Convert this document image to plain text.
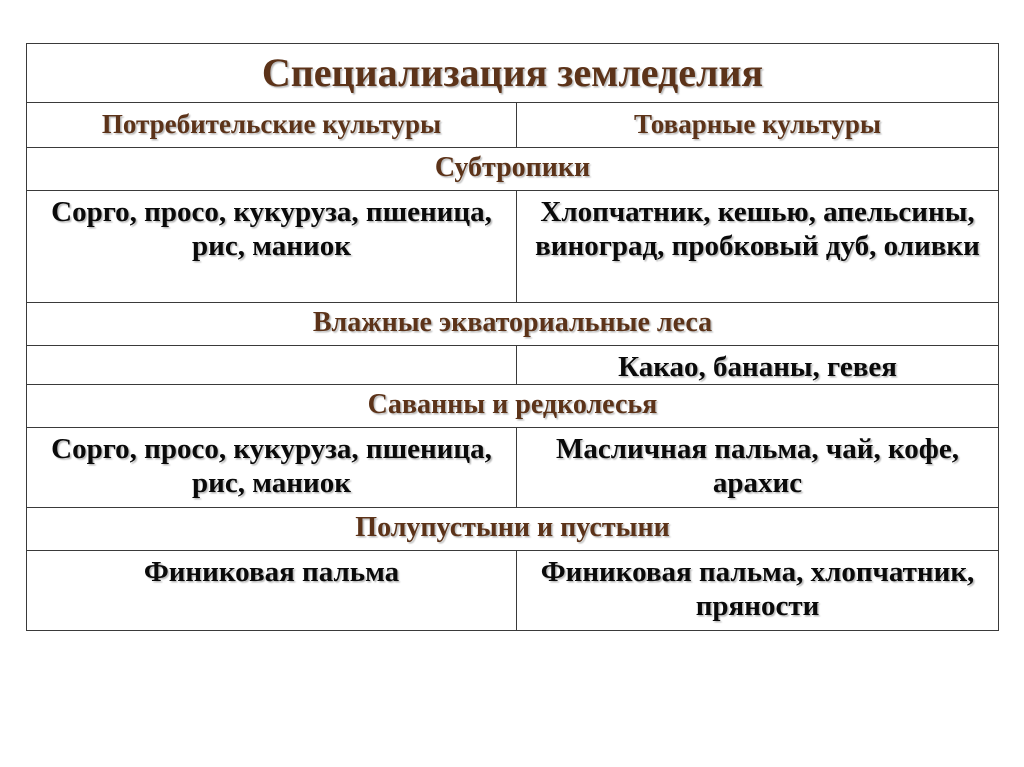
Специализация земледелия	
Потребительские культуры	Товарные культуры
Субтропики	
Сорго, просо, кукуруза, пшеница, рис, маниок	Хлопчатник, кешью, апельсины, виноград, пробковый дуб, оливки
Влажные экваториальные леса	
	Какао, бананы, гевея
Саванны и редколесья	
Сорго, просо, кукуруза, пшеница, рис, маниок	Масличная пальма, чай, кофе, арахис
Полупустыни и пустыни	
Финиковая пальма	Финиковая пальма, хлопчатник, пряности
